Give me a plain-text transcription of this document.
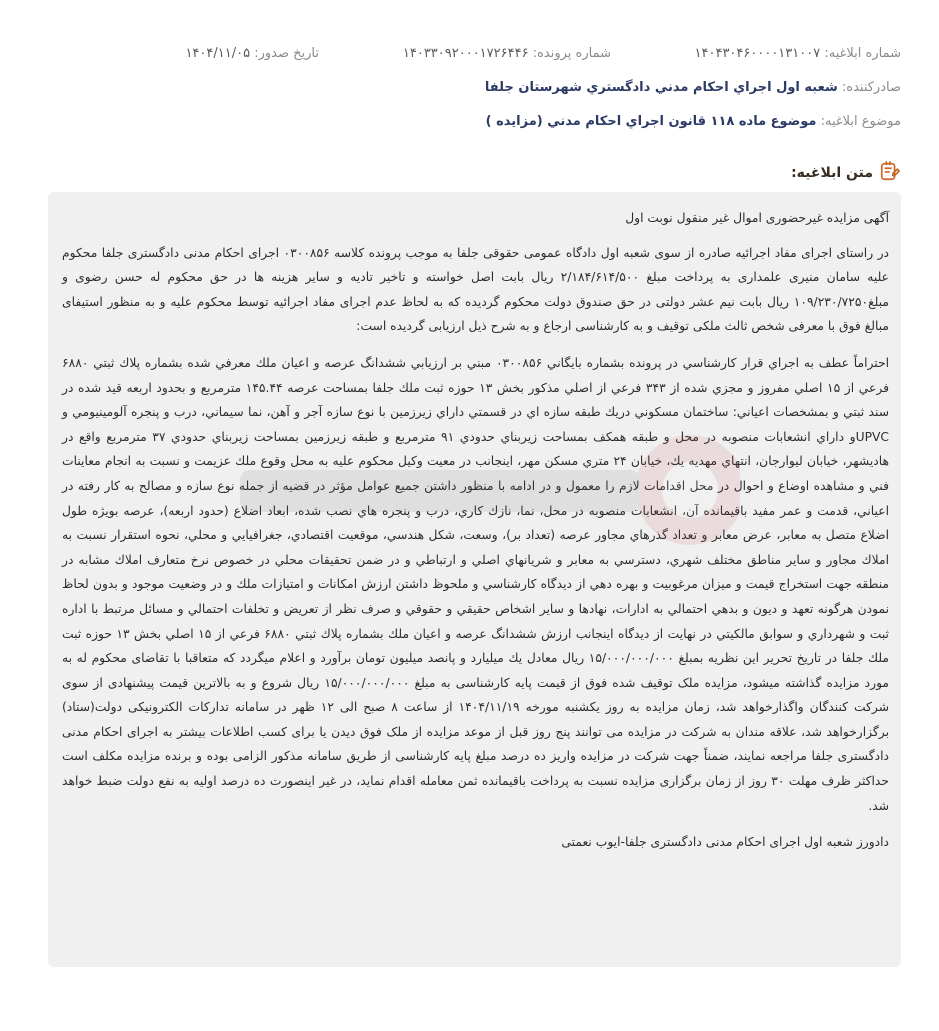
شماره ابلاغیه: ۱۴۰۴۳۰۴۶۰۰۰۰۱۳۱۰۰۷
شماره پرونده: ۱۴۰۳۳۰۹۲۰۰۰۱۷۲۶۴۴۶
تاریخ صدور: ۱۴۰۴/۱۱/۰۵
صادرکننده: شعبه اول اجراي احكام مدني دادگستري شهرستان جلفا
موضوع ابلاغیه: موضوع ماده ۱۱۸ قانون اجراي احكام مدني (مزايده )
متن ابلاغیه:

آگهی مزایده غیرحضوری اموال غیر منقول نوبت اول

در راستای اجرای مفاد اجرائیه صادره از سوی شعبه اول دادگاه عمومی حقوقی جلفا به موجب پرونده کلاسه ۰۳۰۰۸۵۶ اجرای احکام مدنی دادگستری جلفا محکوم علیه سامان منیری علمداری به پرداخت مبلغ ۲/۱۸۴/۶۱۴/۵۰۰ ریال بابت اصل خواسته و تاخیر تادیه و سایر هزینه ها در حق محکوم له حسن رضوی و مبلغ۱۰۹/۲۳۰/۷۲۵۰ ریال بابت نیم عشر دولتی در حق صندوق دولت محکوم گردیده که به لحاظ عدم اجرای مفاد اجرائیه توسط محکوم علیه و به منظور استیفای مبالغ فوق با معرفی شخص ثالث ملکی توقیف و به کارشناسی ارجاع و به شرح ذیل ارزیابی گردیده است:

احتراماً عطف به اجراي قرار كارشناسي در پرونده بشماره بايگاني ۰۳۰۰۸۵۶ مبني بر ارزيابي ششدانگ عرصه و اعيان ملك معرفي شده بشماره پلاك ثبتي ۶۸۸۰ فرعي از ۱۵ اصلي مفروز و مجزي شده از ۳۴۳ فرعي از اصلي مذكور بخش ۱۳ حوزه ثبت ملك جلفا بمساحت عرصه ۱۴۵.۴۴ مترمربع و بحدود اربعه قيد شده در سند ثبتي و بمشخصات اعياني: ساختمان مسكوني دريك طبقه سازه اي در قسمتي داراي زيرزمين با نوع سازه آجر و آهن، نما سيماني، درب و پنجره آلومينيومي و UPVCو داراي انشعابات منصوبه در محل و طبقه همكف بمساحت زيربناي حدودي ۹۱ مترمربع و طبقه زيرزمين بمساحت زيربناي حدودي ۳۷ مترمربع واقع در هادیشهر، خيابان ليوارجان، انتهاي مهديه يك، خيابان ۲۴ متري مسكن مهر، اينجانب در معيت وكيل محكوم عليه به محل وقوع ملك عزيمت و نسبت به انجام معاينات فني و مشاهده اوضاع و احوال در محل اقدامات لازم را معمول و در ادامه با منظور داشتن جميع عوامل مؤثر در قضيه از جمله نوع سازه و مصالح به كار رفته در اعياني، قدمت و عمر مفيد باقيمانده آن، انشعابات منصوبه در محل، نما، نازك كاري، درب و پنجره هاي نصب شده، ابعاد اضلاع (حدود اربعه)، عرصه بويژه طول اضلاع متصل به معابر، عرض معابر و تعداد گذرهاي مجاور عرصه (تعداد بر)، وسعت، شكل هندسي، موقعيت اقتصادي، جغرافيايي و محلي، نحوه استقرار نسبت به املاك مجاور و ساير مناطق مختلف شهري، دسترسي به معابر و شريانهاي اصلي و ارتباطي و در ضمن تحقيقات محلي در خصوص نرخ متعارف املاك مشابه در منطقه جهت استخراج قيمت و ميزان مرغوبيت و بهره دهي از ديدگاه كارشناسي و ملحوظ داشتن ارزش امكانات و امتيازات ملك و در وضعيت موجود و بدون لحاظ نمودن هرگونه تعهد و ديون و بدهي احتمالي به ادارات، نهادها و ساير اشخاص حقيقي و حقوقي و صرف نظر از تعريض و تخلفات احتمالي و مسائل مرتبط با اداره ثبت و شهرداري و سوابق مالكيتي در نهايت از ديدگاه اينجانب ارزش ششدانگ عرصه و اعيان ملك بشماره پلاك ثبتي ۶۸۸۰ فرعي از ۱۵ اصلي بخش ۱۳ حوزه ثبت ملك جلفا در تاريخ تحرير اين نظريه بمبلغ ۱۵/۰۰۰/۰۰۰/۰۰۰ ريال معادل يك ميليارد و پانصد ميليون تومان برآورد و اعلام ميگردد که متعاقبا با تقاضای محکوم له به مورد مزایده گذاشته میشود، مزایده ملک توقیف شده فوق از قیمت پایه کارشناسی به مبلغ ۱۵/۰۰۰/۰۰۰/۰۰۰ ریال شروع و به بالاترین قیمت پیشنهادی از سوی شرکت کنندگان واگذارخواهد شد، زمان مزایده به روز یکشنبه مورخه ۱۴۰۴/۱۱/۱۹ از ساعت ۸ صبح الی ۱۲ ظهر در سامانه تداركات الكترونيكی دولت(ستاد) برگزارخواهد شد، علاقه مندان به شرکت در مزایده می توانند پنج روز قبل از موعد مزایده از ملک فوق دیدن یا برای کسب اطلاعات بیشتر به اجرای احکام مدنی دادگستری جلفا مراجعه نمایند، ضمناً جهت شرکت در مزایده واریز ده درصد مبلغ پایه کارشناسی از طریق سامانه مذکور الزامی بوده و برنده مزایده مکلف است حداکثر ظرف مهلت ۳۰ روز از زمان برگزاری مزایده نسبت به پرداخت باقیمانده ثمن معامله اقدام نماید، در غیر اینصورت ده درصد اولیه به نفع دولت ضبط خواهد شد.

دادورز شعبه اول اجرای احکام مدنی دادگستری جلفا-ایوب نعمتی
